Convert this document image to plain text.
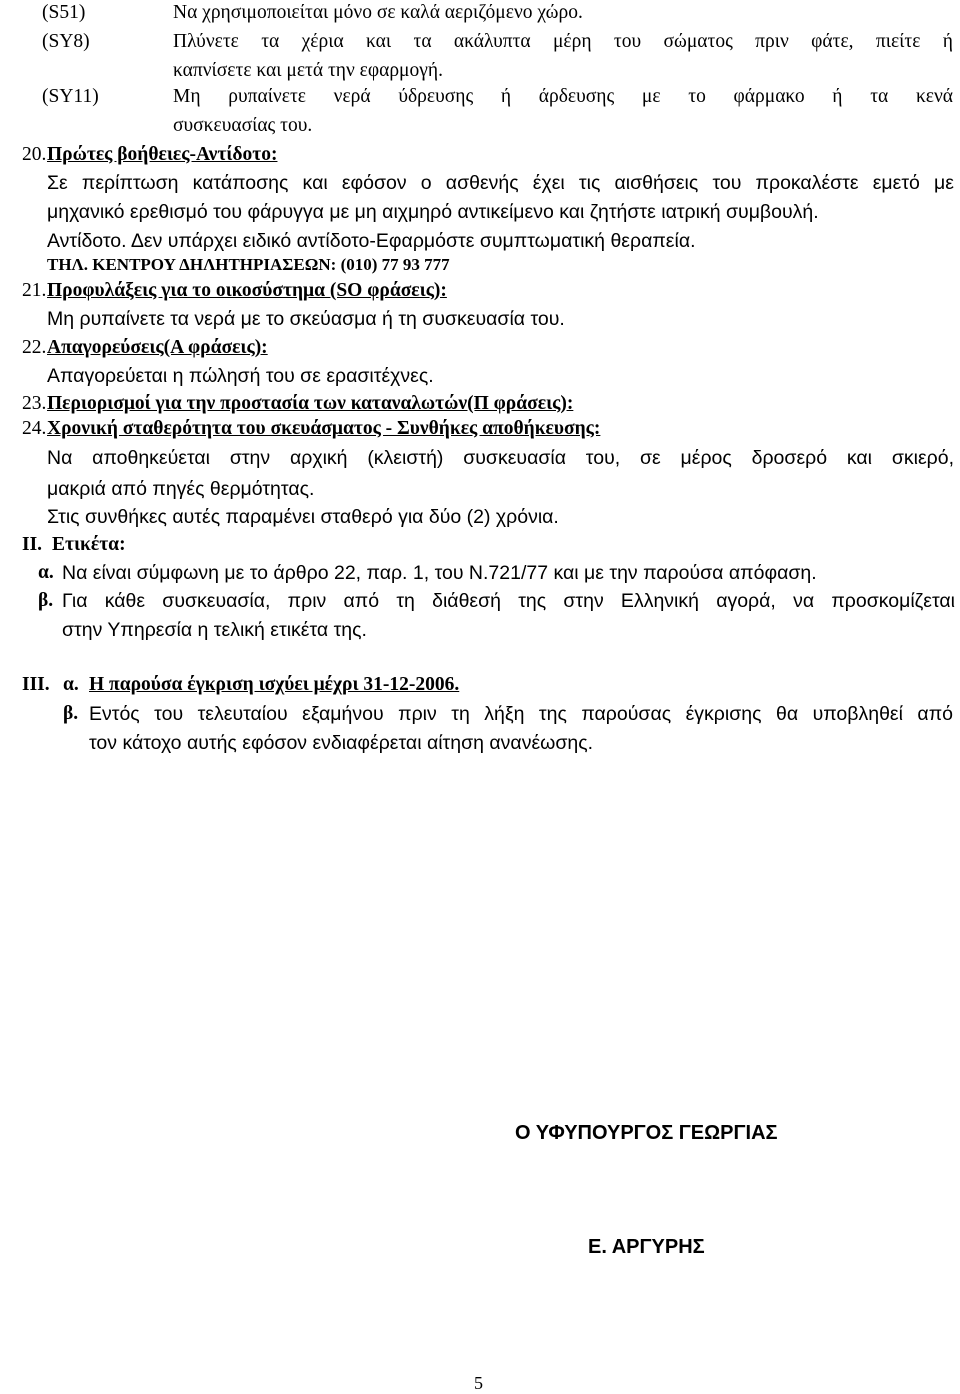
(S51)	Να χρησιμοποιείται μόνο σε καλά αεριζόμενο χώρο.
(SY8)	Πλύνετε τα χέρια και τα ακάλυπτα μέρη του σώματος πριν φάτε, πιείτε ή
καπνίσετε και μετά την εφαρμογή.
(SY11)	Μη ρυπαίνετε νερά ύδρευσης ή άρδευσης με το φάρμακο ή τα κενά
συσκευασίας του.
20. Πρώτες βοήθειες-Αντίδοτο:
Σε περίπτωση κατάποσης και εφόσον ο ασθενής έχει τις αισθήσεις του προκαλέστε εμετό με
μηχανικό ερεθισμό του φάρυγγα με μη αιχμηρό αντικείμενο και ζητήστε ιατρική συμβουλή.
Αντίδοτο. Δεν υπάρχει ειδικό αντίδοτο-Εφαρμόστε συμπτωματική θεραπεία.
ΤΗΛ. ΚΕΝΤΡΟΥ ΔΗΛΗΤΗΡΙΑΣΕΩΝ: (010) 77 93 777
21. Προφυλάξεις για το οικοσύστημα (SO φράσεις):
Μη ρυπαίνετε τα νερά με το σκεύασμα ή τη συσκευασία του.
22. Απαγορεύσεις(Α φράσεις):
Απαγορεύεται η πώλησή του σε ερασιτέχνες.
23. Περιορισμοί για την προστασία των καταναλωτών(Π φράσεις):
24. Χρονική σταθερότητα του σκευάσματος - Συνθήκες αποθήκευσης:
Να αποθηκεύεται στην αρχική (κλειστή) συσκευασία του, σε μέρος δροσερό και σκιερό,
μακριά από πηγές θερμότητας.
Στις συνθήκες αυτές παραμένει σταθερό για δύο (2) χρόνια.
ΙΙ. Ετικέτα:
α. Να είναι σύμφωνη με το άρθρο 22, παρ. 1, του Ν.721/77 και με την παρούσα απόφαση.
β. Για κάθε συσκευασία, πριν από τη διάθεσή της στην Ελληνική αγορά, να προσκομίζεται
στην Υπηρεσία η τελική ετικέτα της.
ΙΙΙ. α. Η παρούσα έγκριση ισχύει μέχρι 31-12-2006.
β. Εντός του τελευταίου εξαμήνου πριν τη λήξη της παρούσας έγκρισης θα υποβληθεί από
τον κάτοχο αυτής εφόσον ενδιαφέρεται αίτηση ανανέωσης.
Ο ΥΦΥΠΟΥΡΓΟΣ ΓΕΩΡΓΙΑΣ
Ε. ΑΡΓΥΡΗΣ
5
